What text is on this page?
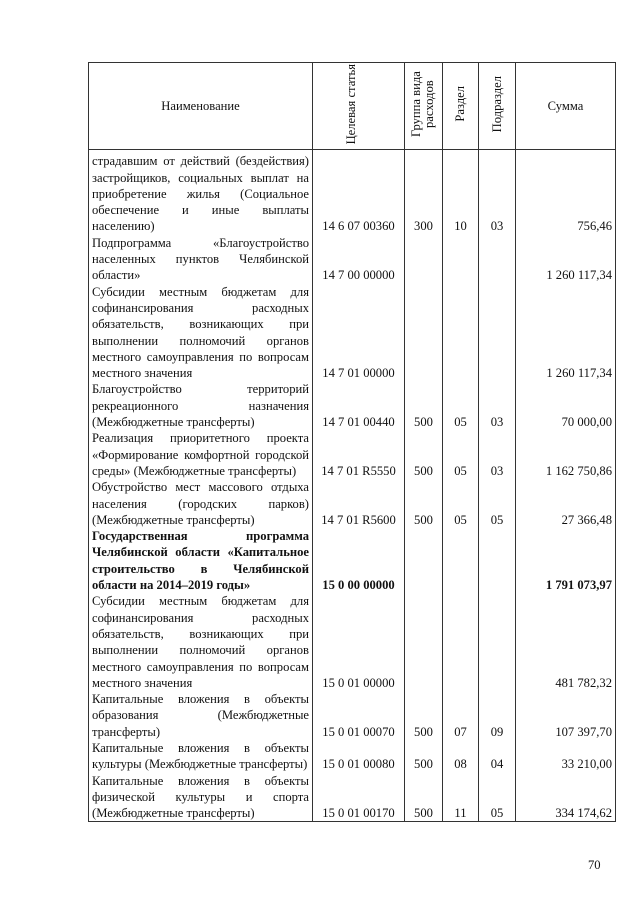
Наименование	Целевая статья	Группа вида расходов	Раздел	Подраздел	Сумма
страдавшим от действий (бездействия) застройщиков, социальных выплат на приобретение жилья (Социальное обеспечение и иные выплаты населению)	14 6 07 00360	300	10	03	756,46
Подпрограмма «Благоустройство населенных пунктов Челябинской области»	14 7 00 00000				1 260 117,34
Субсидии местным бюджетам для софинансирования расходных обязательств, возникающих при выполнении полномочий органов местного самоуправления по вопросам местного значения	14 7 01 00000				1 260 117,34
Благоустройство территорий рекреационного назначения (Межбюджетные трансферты)	14 7 01 00440	500	05	03	70 000,00
Реализация приоритетного проекта «Формирование комфортной городской среды» (Межбюджетные трансферты)	14 7 01 R5550	500	05	03	1 162 750,86
Обустройство мест массового отдыха населения (городских парков) (Межбюджетные трансферты)	14 7 01 R5600	500	05	05	27 366,48
Государственная программа Челябинской области «Капитальное строительство в Челябинской области на 2014–2019 годы»	15 0 00 00000				1 791 073,97
Субсидии местным бюджетам для софинансирования расходных обязательств, возникающих при выполнении полномочий органов местного самоуправления по вопросам местного значения	15 0 01 00000				481 782,32
Капитальные вложения в объекты образования (Межбюджетные трансферты)	15 0 01 00070	500	07	09	107 397,70
Капитальные вложения в объекты культуры (Межбюджетные трансферты)	15 0 01 00080	500	08	04	33 210,00
Капитальные вложения в объекты физической культуры и спорта (Межбюджетные трансферты)	15 0 01 00170	500	11	05	334 174,62
70
